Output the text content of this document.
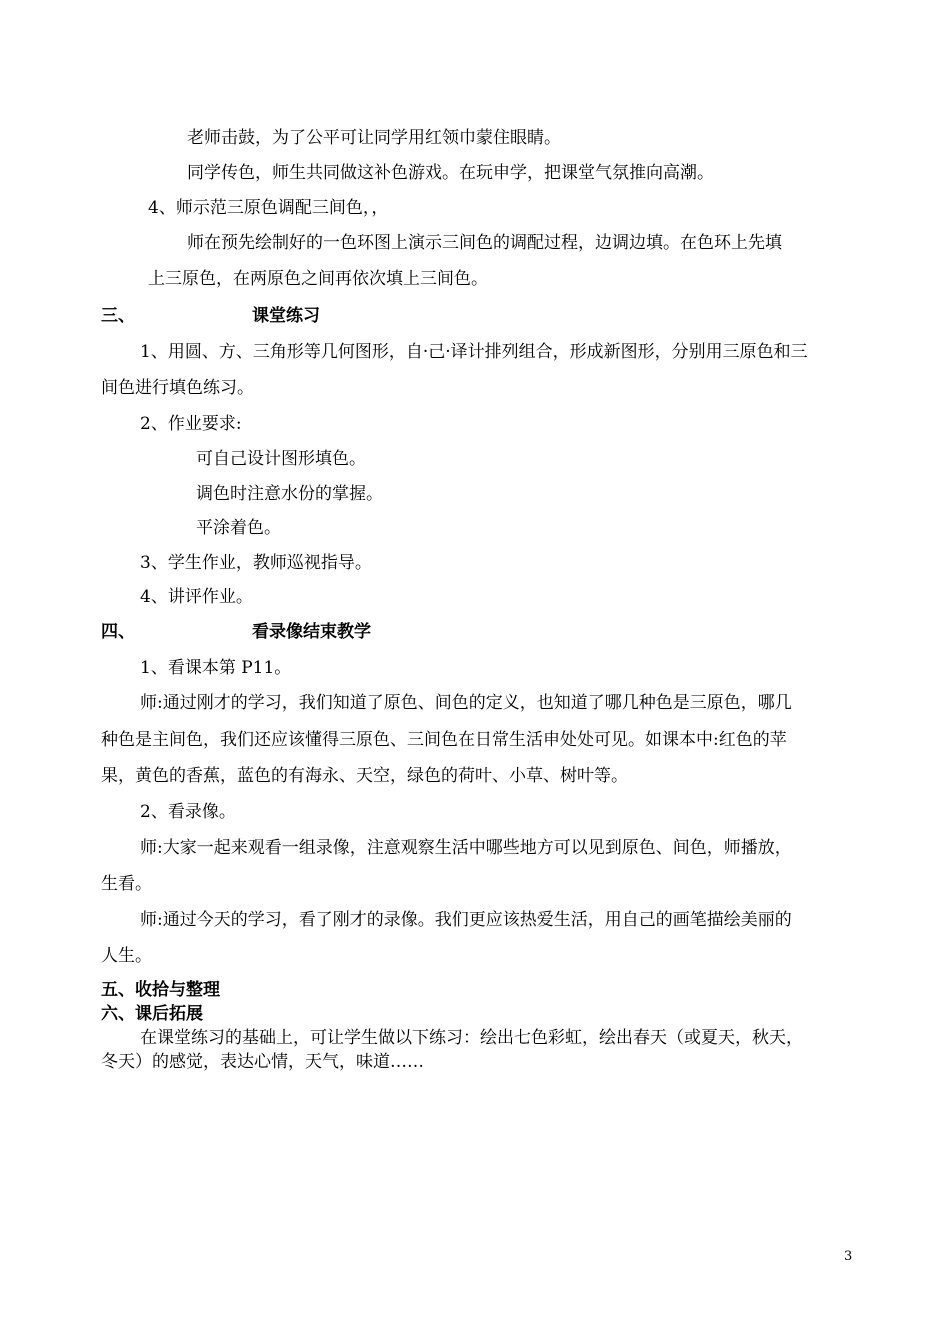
老师击鼓，为了公平可让同学用红领巾蒙住眼睛。
同学传色，师生共同做这补色游戏。在玩申学，把课堂气氛推向高潮。
4、师示范三原色调配三间色，，
师在预先绘制好的一色环图上演示三间色的调配过程，边调边填。在色环上先填
上三原色，在两原色之间再依次填上三间色。
三、	课堂练习
1、用圆、方、三角形等几何图形，自·己·译计排列组合，形成新图形，分别用三原色和三
间色进行填色练习。
2、作业要求:
可自己设计图形填色。
调色时注意水份的掌握。
平涂着色。
3、学生作业，教师巡视指导。
4、讲评作业。
四、	看录像结束教学
1、看课本第 P11。
师:通过刚才的学习，我们知道了原色、间色的定义，也知道了哪几种色是三原色，哪几
种色是主间色，我们还应该懂得三原色、三间色在日常生活申处处可见。如课本中:红色的苹
果，黄色的香蕉，蓝色的有海永、天空，绿色的荷叶、小草、树叶等。
2、看录像。
师:大家一起来观看一组录像，注意观察生活中哪些地方可以见到原色、间色，师播放，
生看。
师:通过今天的学习，看了刚才的录像。我们更应该热爱生活，用自己的画笔描绘美丽的
人生。
五、收拾与整理
六、课后拓展
在课堂练习的基础上，可让学生做以下练习：绘出七色彩虹，绘出春天（或夏天，秋天，
冬天）的感觉，表达心情，天气，味道……
3
